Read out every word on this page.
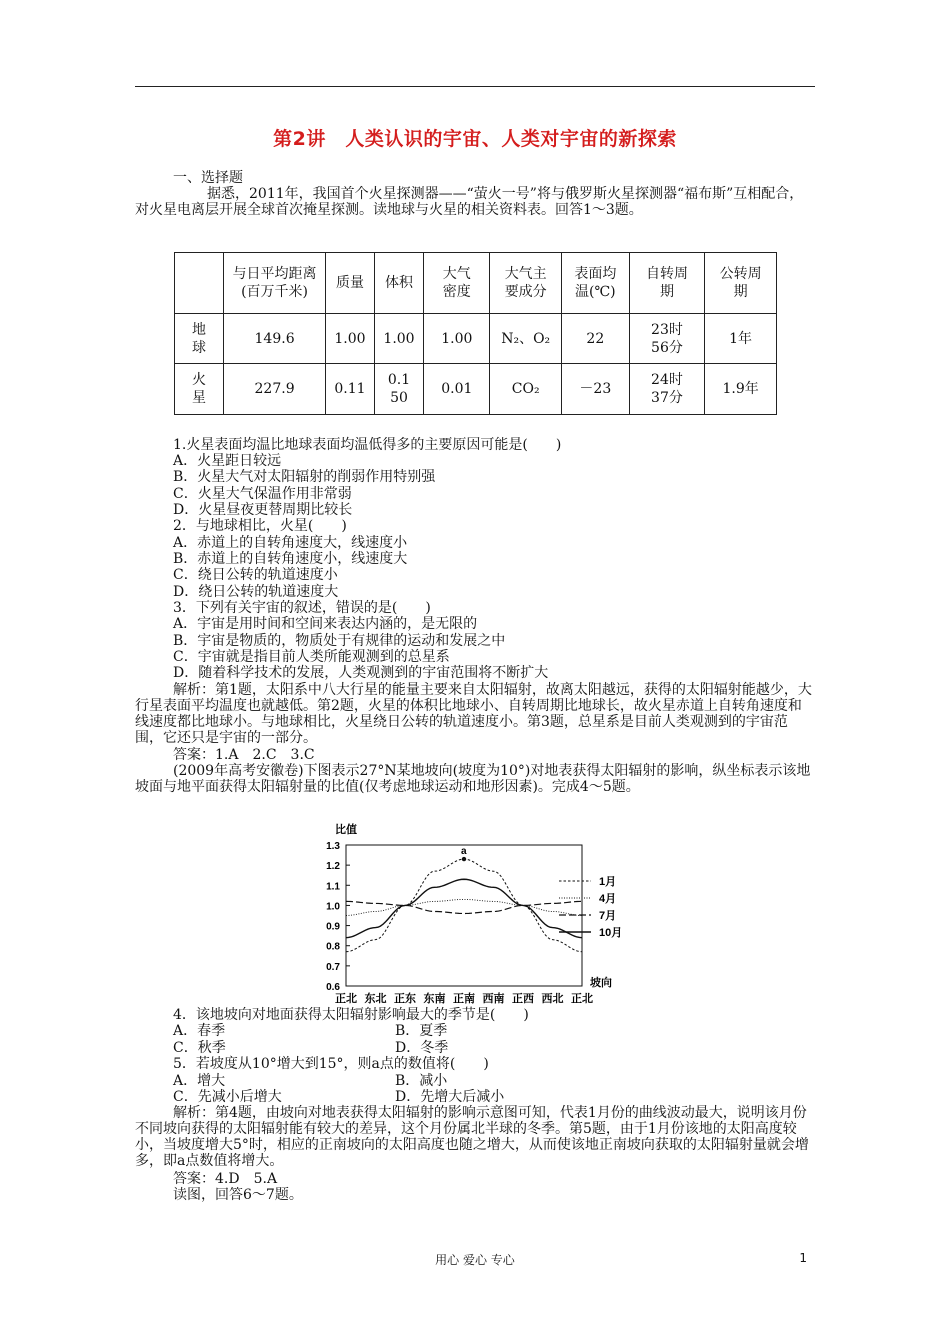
第2讲　人类认识的宇宙、人类对宇宙的新探索
一、选择题
据悉，2011年，我国首个火星探测器——“萤火一号”将与俄罗斯火星探测器“福布斯”互相配合，对火星电离层开展全球首次掩星探测。读地球与火星的相关资料表。回答1～3题。
	与日平均距离(百万千米)	质量	体积	大气密度	大气主要成分	表面均温(℃)	自转周期	公转周期
地球	149.6	1.00	1.00	1.00	N₂、O₂	22	23时56分	1年
火星	227.9	0.11	0.150	0.01	CO₂	－23	24时37分	1.9年
1.火星表面均温比地球表面均温低得多的主要原因可能是(　　)
A．火星距日较远
B．火星大气对太阳辐射的削弱作用特别强
C．火星大气保温作用非常弱
D．火星昼夜更替周期比较长
2．与地球相比，火星(　　)
A．赤道上的自转角速度大，线速度小
B．赤道上的自转角速度小，线速度大
C．绕日公转的轨道速度小
D．绕日公转的轨道速度大
3．下列有关宇宙的叙述，错误的是(　　)
A．宇宙是用时间和空间来表达内涵的，是无限的
B．宇宙是物质的，物质处于有规律的运动和发展之中
C．宇宙就是指目前人类所能观测到的总星系
D．随着科学技术的发展，人类观测到的宇宙范围将不断扩大
解析：第1题，太阳系中八大行星的能量主要来自太阳辐射，故离太阳越远，获得的太阳辐射能越少，大行星表面平均温度也就越低。第2题，火星的体积比地球小、自转周期比地球长，故火星赤道上自转角速度和线速度都比地球小。与地球相比，火星绕日公转的轨道速度小。第3题，总星系是目前人类观测到的宇宙范围，它还只是宇宙的一部分。
答案：1.A　2.C　3.C
(2009年高考安徽卷)下图表示27°N某地坡向(坡度为10°)对地表获得太阳辐射的影响，纵坐标表示该地坡面与地平面获得太阳辐射量的比值(仅考虑地球运动和地形因素)。完成4～5题。
比值
1.3
1.2
1.1
1.0
0.9
0.8
0.7
0.6
正北 东北 正东 东南 正南 西南 正西 西北 正北
坡向
1月
4月
7月
10月
a
4．该地坡向对地面获得太阳辐射影响最大的季节是(　　)
A．春季	B．夏季
C．秋季	D．冬季
5．若坡度从10°增大到15°，则a点的数值将(　　)
A．增大	B．减小
C．先减小后增大	D．先增大后减小
解析：第4题，由坡向对地表获得太阳辐射的影响示意图可知，代表1月份的曲线波动最大，说明该月份不同坡向获得的太阳辐射能有较大的差异，这个月份属北半球的冬季。第5题，由于1月份该地的太阳高度较小，当坡度增大5°时，相应的正南坡向的太阳高度也随之增大，从而使该地正南坡向获取的太阳辐射量就会增多，即a点数值将增大。
答案：4.D　5.A
读图，回答6～7题。
用心 爱心 专心	1
